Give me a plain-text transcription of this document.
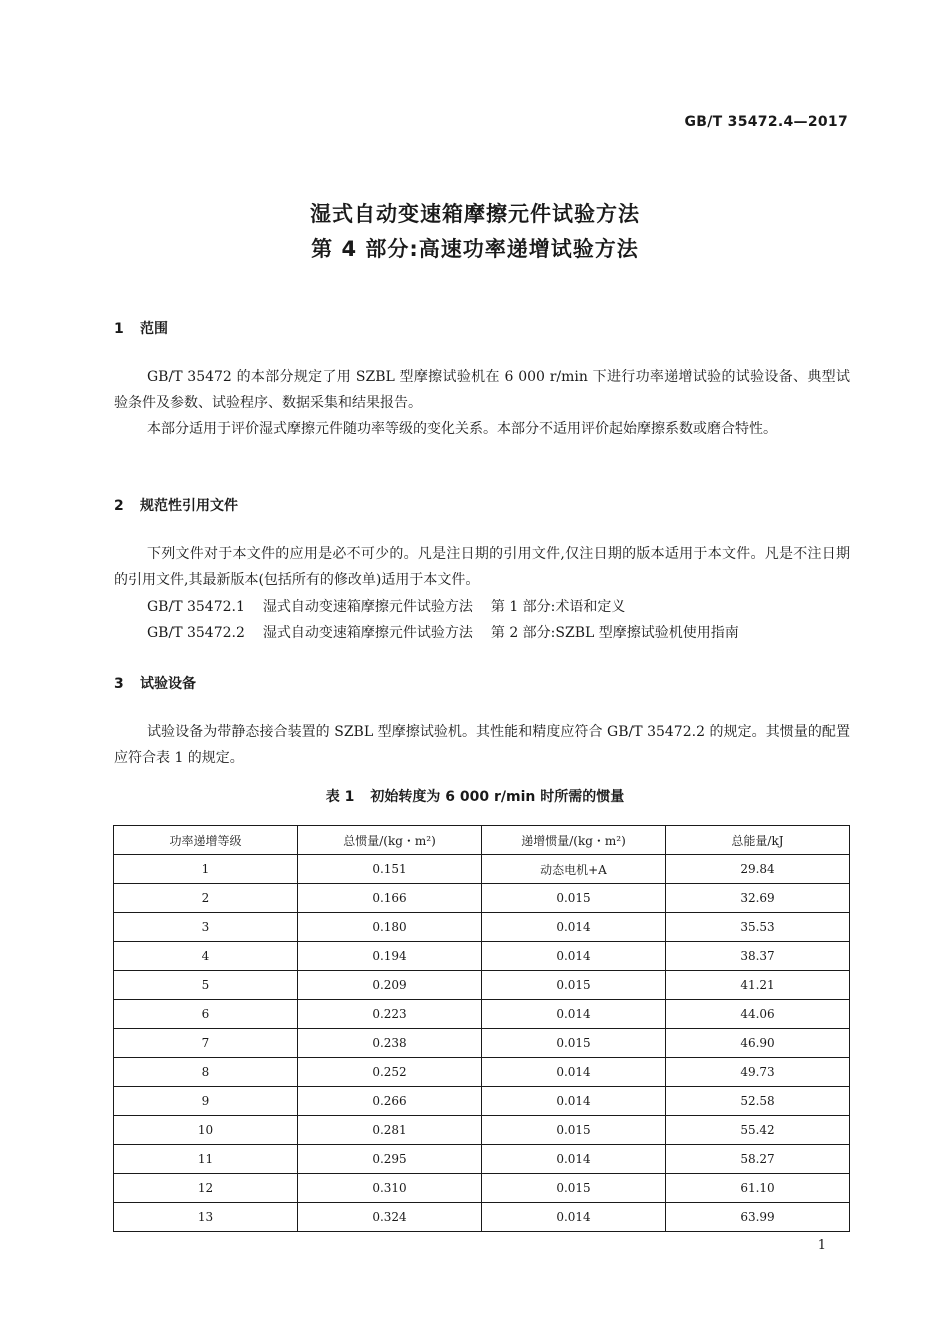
GB/T 35472.4—2017
湿式自动变速箱摩擦元件试验方法
第 4 部分:高速功率递增试验方法
1 范围

GB/T 35472 的本部分规定了用 SZBL 型摩擦试验机在 6 000 r/min 下进行功率递增试验的试验设备、典型试验条件及参数、试验程序、数据采集和结果报告。

本部分适用于评价湿式摩擦元件随功率等级的变化关系。本部分不适用评价起始摩擦系数或磨合特性。

2 规范性引用文件

下列文件对于本文件的应用是必不可少的。凡是注日期的引用文件,仅注日期的版本适用于本文件。凡是不注日期的引用文件,其最新版本(包括所有的修改单)适用于本文件。

GB/T 35472.1 湿式自动变速箱摩擦元件试验方法 第 1 部分:术语和定义
GB/T 35472.2 湿式自动变速箱摩擦元件试验方法 第 2 部分:SZBL 型摩擦试验机使用指南
3 试验设备

试验设备为带静态接合装置的 SZBL 型摩擦试验机。其性能和精度应符合 GB/T 35472.2 的规定。其惯量的配置应符合表 1 的规定。

表 1 初始转度为 6 000 r/min 时所需的惯量
功率递增等级	总惯量/(kg・m²)	递增惯量/(kg・m²)	总能量/kJ
1	0.151	动态电机+A	29.84
2	0.166	0.015	32.69
3	0.180	0.014	35.53
4	0.194	0.014	38.37
5	0.209	0.015	41.21
6	0.223	0.014	44.06
7	0.238	0.015	46.90
8	0.252	0.014	49.73
9	0.266	0.014	52.58
10	0.281	0.015	55.42
11	0.295	0.014	58.27
12	0.310	0.015	61.10
13	0.324	0.014	63.99
1
